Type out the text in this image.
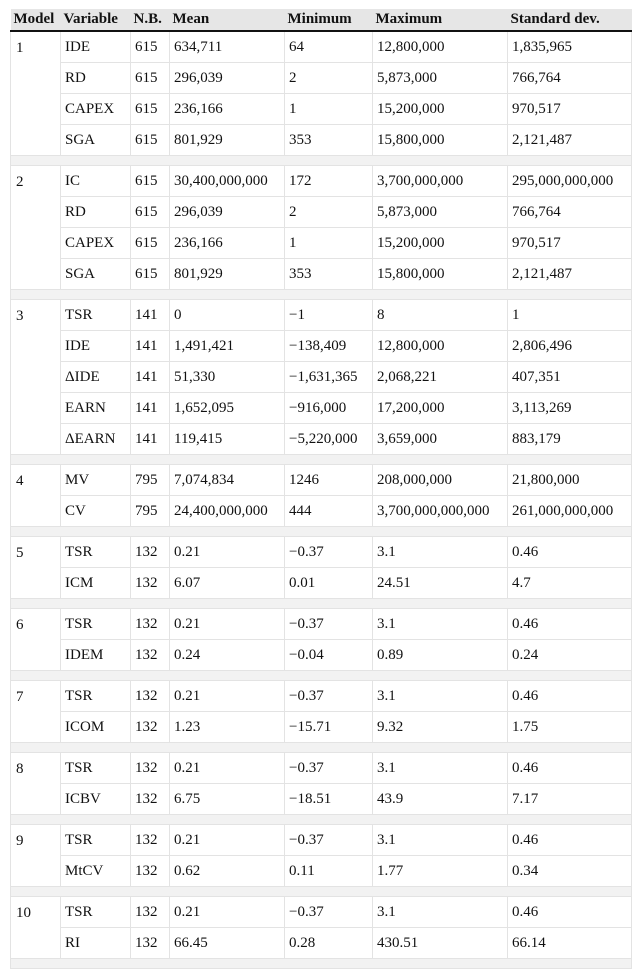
Model	Variable	N.B.	Mean	Minimum	Maximum	Standard dev.
1	IDE	615	634,711	64	12,800,000	1,835,965
	RD	615	296,039	2	5,873,000	766,764
	CAPEX	615	236,166	1	15,200,000	970,517
	SGA	615	801,929	353	15,800,000	2,121,487

2	IC	615	30,400,000,000	172	3,700,000,000	295,000,000,000
	RD	615	296,039	2	5,873,000	766,764
	CAPEX	615	236,166	1	15,200,000	970,517
	SGA	615	801,929	353	15,800,000	2,121,487

3	TSR	141	0	−1	8	1
	IDE	141	1,491,421	−138,409	12,800,000	2,806,496
	ΔIDE	141	51,330	−1,631,365	2,068,221	407,351
	EARN	141	1,652,095	−916,000	17,200,000	3,113,269
	ΔEARN	141	119,415	−5,220,000	3,659,000	883,179

4	MV	795	7,074,834	1246	208,000,000	21,800,000
	CV	795	24,400,000,000	444	3,700,000,000,000	261,000,000,000

5	TSR	132	0.21	−0.37	3.1	0.46
	ICM	132	6.07	0.01	24.51	4.7

6	TSR	132	0.21	−0.37	3.1	0.46
	IDEM	132	0.24	−0.04	0.89	0.24

7	TSR	132	0.21	−0.37	3.1	0.46
	ICOM	132	1.23	−15.71	9.32	1.75

8	TSR	132	0.21	−0.37	3.1	0.46
	ICBV	132	6.75	−18.51	43.9	7.17

9	TSR	132	0.21	−0.37	3.1	0.46
	MtCV	132	0.62	0.11	1.77	0.34

10	TSR	132	0.21	−0.37	3.1	0.46
	RI	132	66.45	0.28	430.51	66.14
